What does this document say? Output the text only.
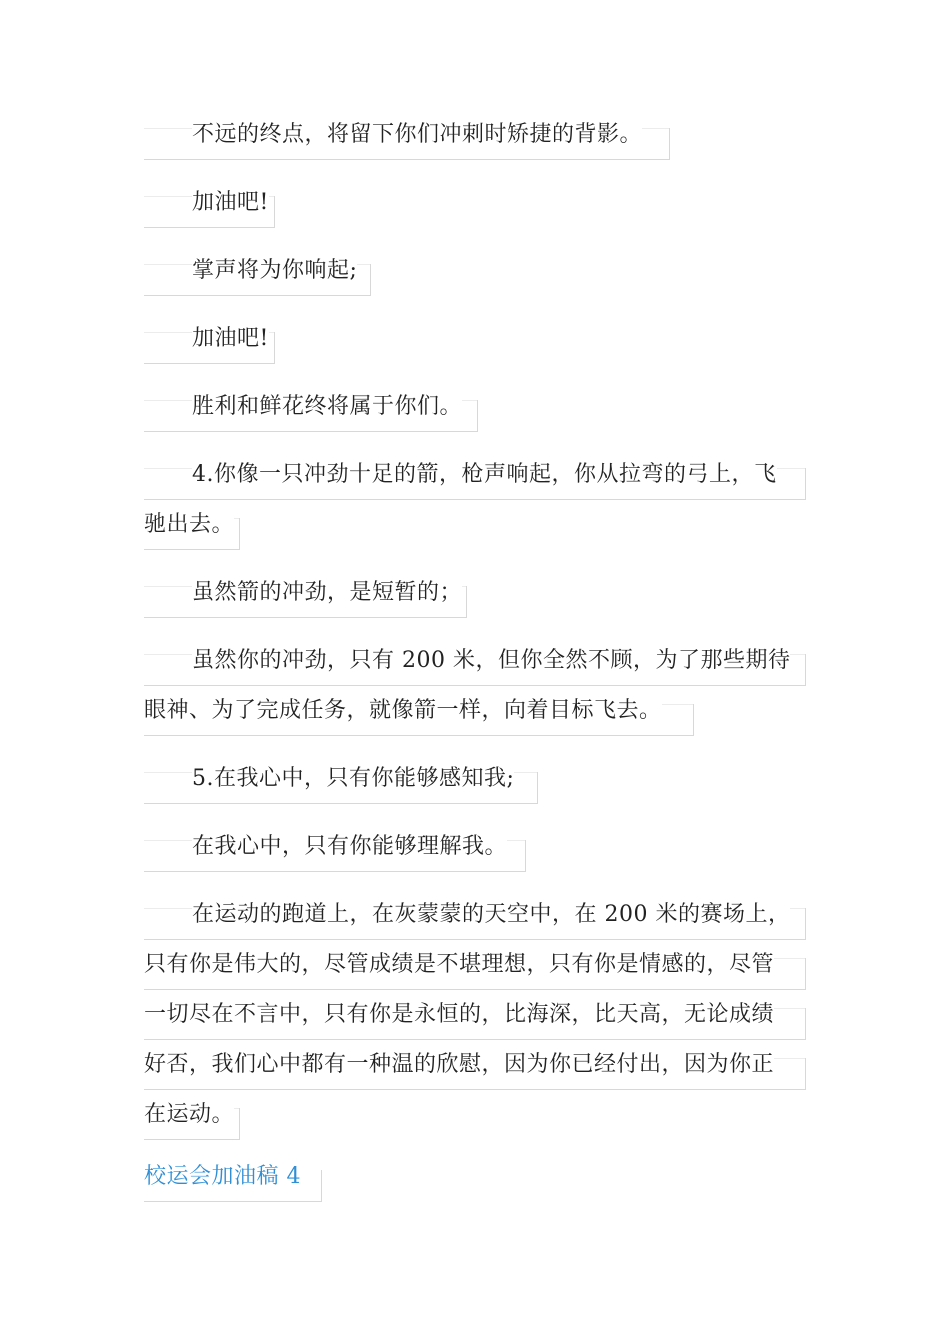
不远的终点，将留下你们冲刺时矫捷的背影。
加油吧!
掌声将为你响起;
加油吧!
胜利和鲜花终将属于你们。
4.你像一只冲劲十足的箭，枪声响起，你从拉弯的弓上，飞
驰出去。
虽然箭的冲劲，是短暂的；
虽然你的冲劲，只有 200 米，但你全然不顾，为了那些期待
眼神、为了完成任务，就像箭一样，向着目标飞去。
5.在我心中，只有你能够感知我;
在我心中，只有你能够理解我。
在运动的跑道上，在灰蒙蒙的天空中，在 200 米的赛场上，
只有你是伟大的，尽管成绩是不堪理想，只有你是情感的，尽管
一切尽在不言中，只有你是永恒的，比海深，比天高，无论成绩
好否，我们心中都有一种温的欣慰，因为你已经付出，因为你正
在运动。
校运会加油稿 4
